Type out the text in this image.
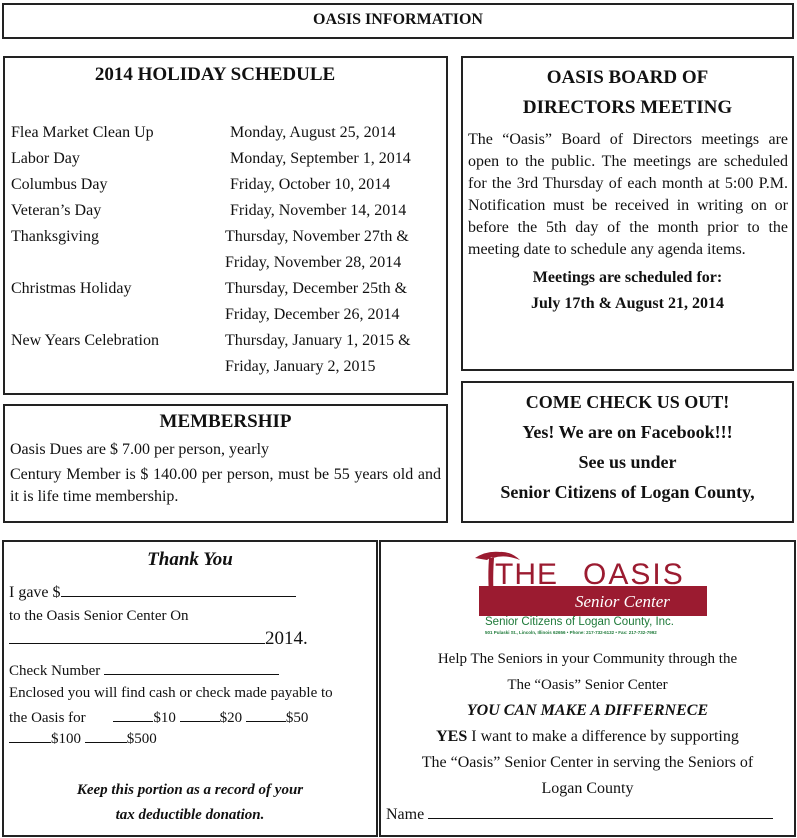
OASIS INFORMATION
2014 HOLIDAY SCHEDULE
Flea Market Clean Up	Monday, August 25, 2014
Labor Day	Monday, September 1, 2014
Columbus Day	Friday, October 10, 2014
Veteran’s Day	Friday, November 14, 2014
Thanksgiving	Thursday, November 27th &
Friday, November 28, 2014
Christmas Holiday	Thursday, December 25th &
Friday, December 26, 2014
New Years Celebration	Thursday, January 1, 2015 &
Friday, January 2, 2015
OASIS BOARD OF
DIRECTORS MEETING
The “Oasis” Board of Directors meetings are open to the public. The meetings are scheduled for the 3rd Thursday of each month at 5:00 P.M. Notification must be received in writing on or before the 5th day of the month prior to the meeting date to schedule any agenda items.
Meetings are scheduled for:
July 17th & August 21, 2014
MEMBERSHIP
Oasis Dues are $ 7.00 per person, yearly
Century Member is $ 140.00 per person, must be 55 years old and it is life time membership.
COME CHECK US OUT!
Yes! We are on Facebook!!!
See us under
Senior Citizens of Logan County,
Thank You
I gave $
to the Oasis Senior Center On
2014.
Check Number
Enclosed you will find cash or check made payable to
the Oasis for	$10	$20	$50
$100	$500
Keep this portion as a record of your
tax deductible donation.
THE OASIS
Senior Center
Senior Citizens of Logan County, Inc.
501 Pulaski St., Lincoln, Illinois 62656 • Phone: 217-732-6132 • Fax: 217-732-7992
Help The Seniors in your Community through the
The “Oasis” Senior Center
YOU CAN MAKE A DIFFERNECE
YES I want to make a difference by supporting
The “Oasis” Senior Center in serving the Seniors of
Logan County
Name
